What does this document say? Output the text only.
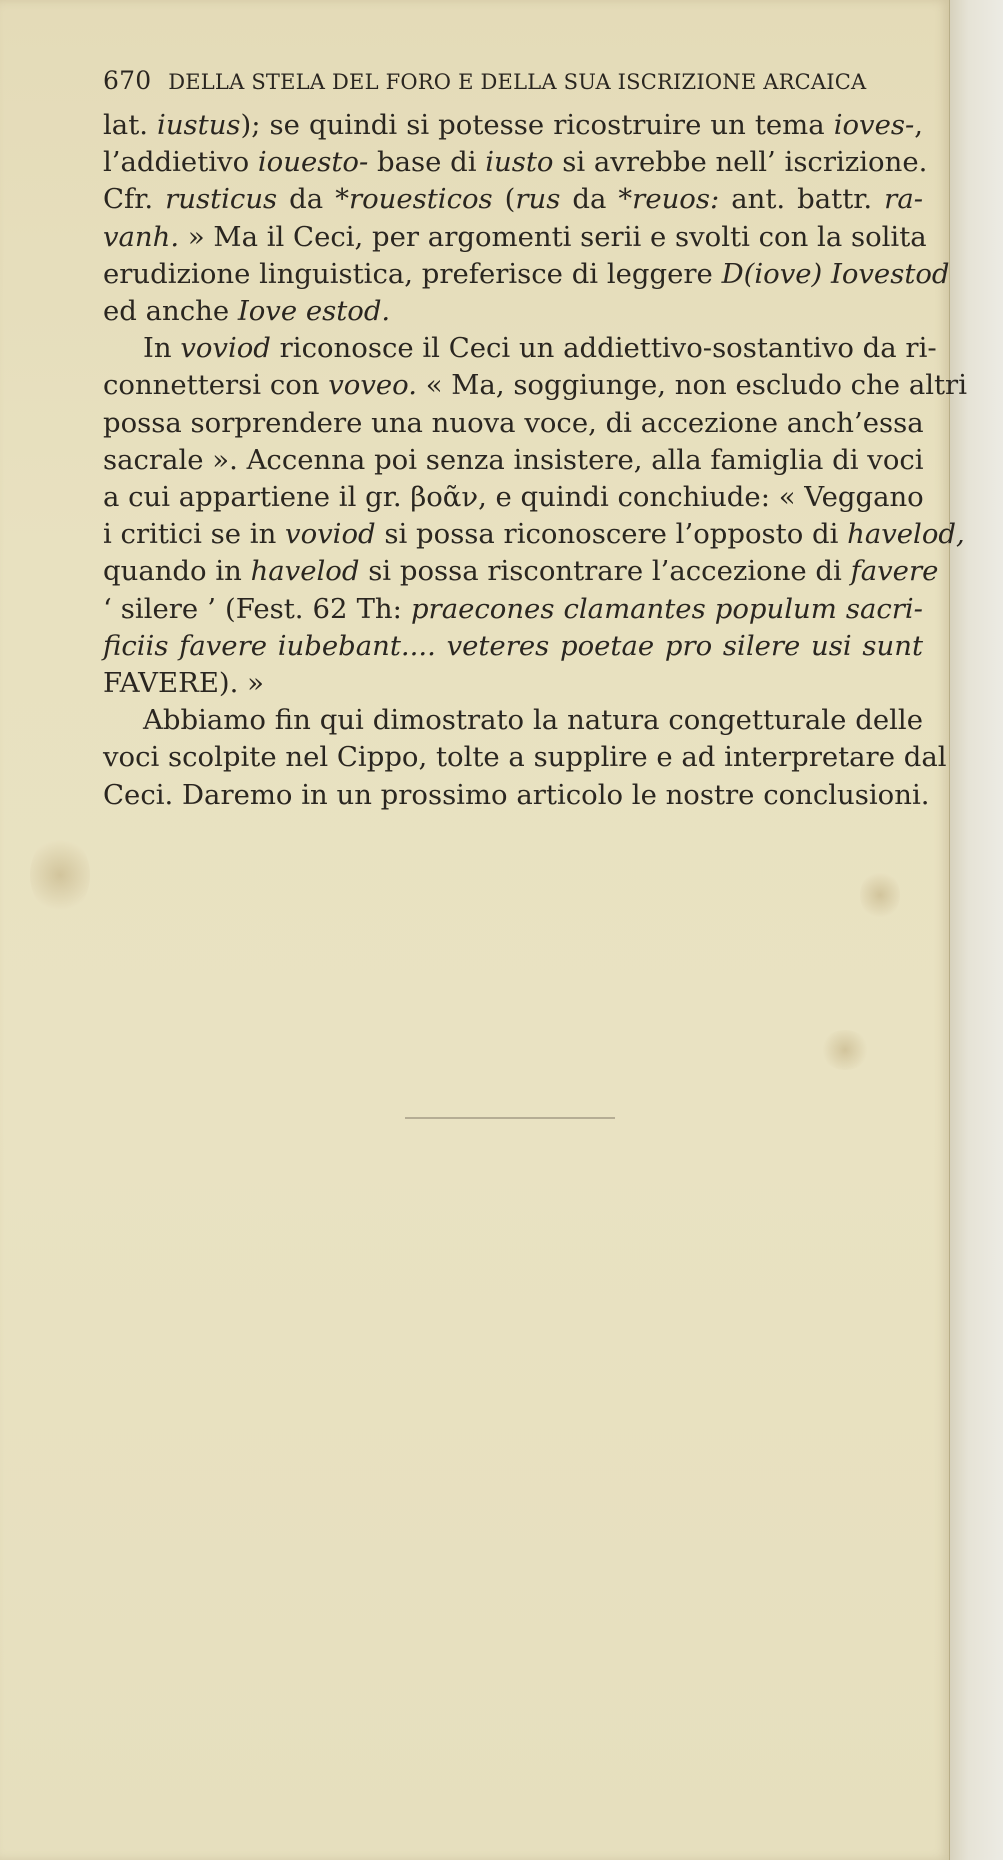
670 DELLA STELA DEL FORO E DELLA SUA ISCRIZIONE ARCAICA
lat. iustus); se quindi si potesse ricostruire un tema ioves-,
l’addietivo iouesto- base di iusto si avrebbe nell’ iscrizione.
Cfr. rusticus da *rouesticos (rus da *reuos: ant. battr. ra-
vanh. » Ma il Ceci, per argomenti serii e svolti con la solita
erudizione linguistica, preferisce di leggere D(iove) Iovestod
ed anche Iove estod.
In voviod riconosce il Ceci un addiettivo-sostantivo da ri-
connettersi con voveo. « Ma, soggiunge, non escludo che altri
possa sorprendere una nuova voce, di accezione anch’essa
sacrale ». Accenna poi senza insistere, alla famiglia di voci
a cui appartiene il gr. βοᾶν, e quindi conchiude: « Veggano
i critici se in voviod si possa riconoscere l’opposto di havelod,
quando in havelod si possa riscontrare l’accezione di favere
‘ silere ’ (Fest. 62 Th: praecones clamantes populum sacri-
ficiis favere iubebant.... veteres poetae pro silere usi sunt
FAVERE). »
Abbiamo fin qui dimostrato la natura congetturale delle
voci scolpite nel Cippo, tolte a supplire e ad interpretare dal
Ceci. Daremo in un prossimo articolo le nostre conclusioni.
